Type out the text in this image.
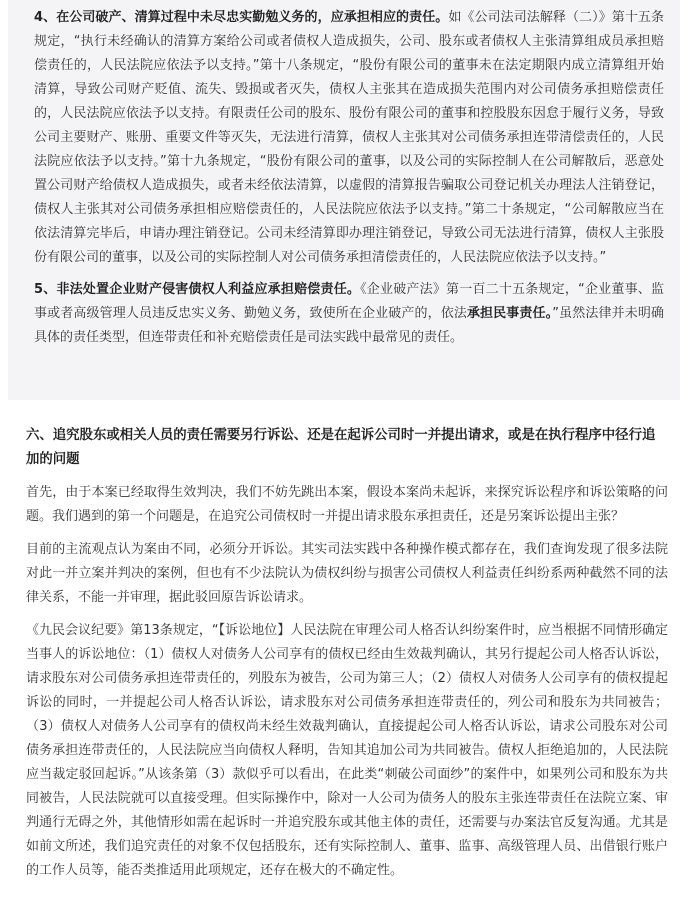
4、在公司破产、清算过程中未尽忠实勤勉义务的，应承担相应的责任。如《公司法司法解释（二）》第十五条规定，“执行未经确认的清算方案给公司或者债权人造成损失，公司、股东或者债权人主张清算组成员承担赔偿责任的，人民法院应依法予以支持。”第十八条规定，“股份有限公司的董事未在法定期限内成立清算组开始清算，导致公司财产贬值、流失、毁损或者灭失，债权人主张其在造成损失范围内对公司债务承担赔偿责任的，人民法院应依法予以支持。有限责任公司的股东、股份有限公司的董事和控股股东因怠于履行义务，导致公司主要财产、账册、重要文件等灭失，无法进行清算，债权人主张其对公司债务承担连带清偿责任的，人民法院应依法予以支持。”第十九条规定，“股份有限公司的董事，以及公司的实际控制人在公司解散后，恶意处置公司财产给债权人造成损失，或者未经依法清算，以虚假的清算报告骗取公司登记机关办理法人注销登记，债权人主张其对公司债务承担相应赔偿责任的，人民法院应依法予以支持。”第二十条规定，“公司解散应当在依法清算完毕后，申请办理注销登记。公司未经清算即办理注销登记，导致公司无法进行清算，债权人主张股份有限公司的董事，以及公司的实际控制人对公司债务承担清偿责任的，人民法院应依法予以支持。”

5、非法处置企业财产侵害债权人利益应承担赔偿责任。《企业破产法》第一百二十五条规定，“企业董事、监事或者高级管理人员违反忠实义务、勤勉义务，致使所在企业破产的，依法承担民事责任。”虽然法律并未明确具体的责任类型，但连带责任和补充赔偿责任是司法实践中最常见的责任。

六、追究股东或相关人员的责任需要另行诉讼、还是在起诉公司时一并提出请求，或是在执行程序中径行追加的问题

首先，由于本案已经取得生效判决，我们不妨先跳出本案，假设本案尚未起诉，来探究诉讼程序和诉讼策略的问题。我们遇到的第一个问题是，在追究公司债权时一并提出请求股东承担责任，还是另案诉讼提出主张？

目前的主流观点认为案由不同，必须分开诉讼。其实司法实践中各种操作模式都存在，我们查询发现了很多法院对此一并立案并判决的案例，但也有不少法院认为债权纠纷与损害公司债权人利益责任纠纷系两种截然不同的法律关系，不能一并审理，据此驳回原告诉讼请求。

《九民会议纪要》第13条规定，“【诉讼地位】人民法院在审理公司人格否认纠纷案件时，应当根据不同情形确定当事人的诉讼地位：（1）债权人对债务人公司享有的债权已经由生效裁判确认，其另行提起公司人格否认诉讼，请求股东对公司债务承担连带责任的，列股东为被告，公司为第三人；（2）债权人对债务人公司享有的债权提起诉讼的同时，一并提起公司人格否认诉讼，请求股东对公司债务承担连带责任的，列公司和股东为共同被告；（3）债权人对债务人公司享有的债权尚未经生效裁判确认，直接提起公司人格否认诉讼，请求公司股东对公司债务承担连带责任的，人民法院应当向债权人释明，告知其追加公司为共同被告。债权人拒绝追加的，人民法院应当裁定驳回起诉。”从该条第（3）款似乎可以看出，在此类“刺破公司面纱”的案件中，如果列公司和股东为共同被告，人民法院就可以直接受理。但实际操作中，除对一人公司为债务人的股东主张连带责任在法院立案、审判通行无碍之外，其他情形如需在起诉时一并追究股东或其他主体的责任，还需要与办案法官反复沟通。尤其是如前文所述，我们追究责任的对象不仅包括股东，还有实际控制人、董事、监事、高级管理人员、出借银行账户的工作人员等，能否类推适用此项规定，还存在极大的不确定性。
